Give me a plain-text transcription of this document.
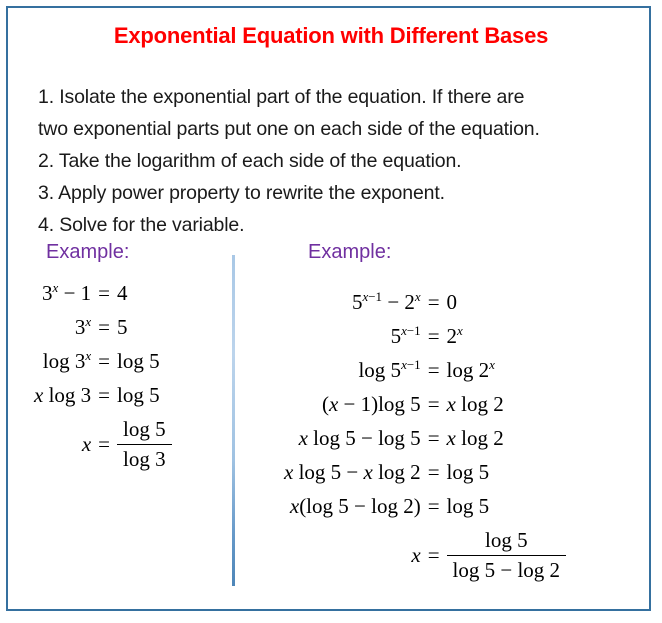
Exponential Equation with Different Bases
1. Isolate the exponential part of the equation. If there are
two exponential parts put one on each side of the equation.
2. Take the logarithm of each side of the equation.
3. Apply power property to rewrite the exponent.
4. Solve for the variable.
Example:	Example:
$3^x - 1$	=	4
$3^x$	=	5
$\log 3^x$	=	log 5
x log 3	=	log 5
x	=	$\frac{\log 5}{\log 3}$
$5^{x-1} - 2^x$	=	0
$5^{x-1}$	=	$2^x$
$\log 5^{x-1}$	=	log 2$^x$
(x − 1)log 5	=	x log 2
x log 5 − log 5	=	x log 2
x log 5 − x log 2	=	log 5
x(log 5 − log 2)	=	log 5
x	=	$\frac{\log 5}{\log 5 - \log 2}$
